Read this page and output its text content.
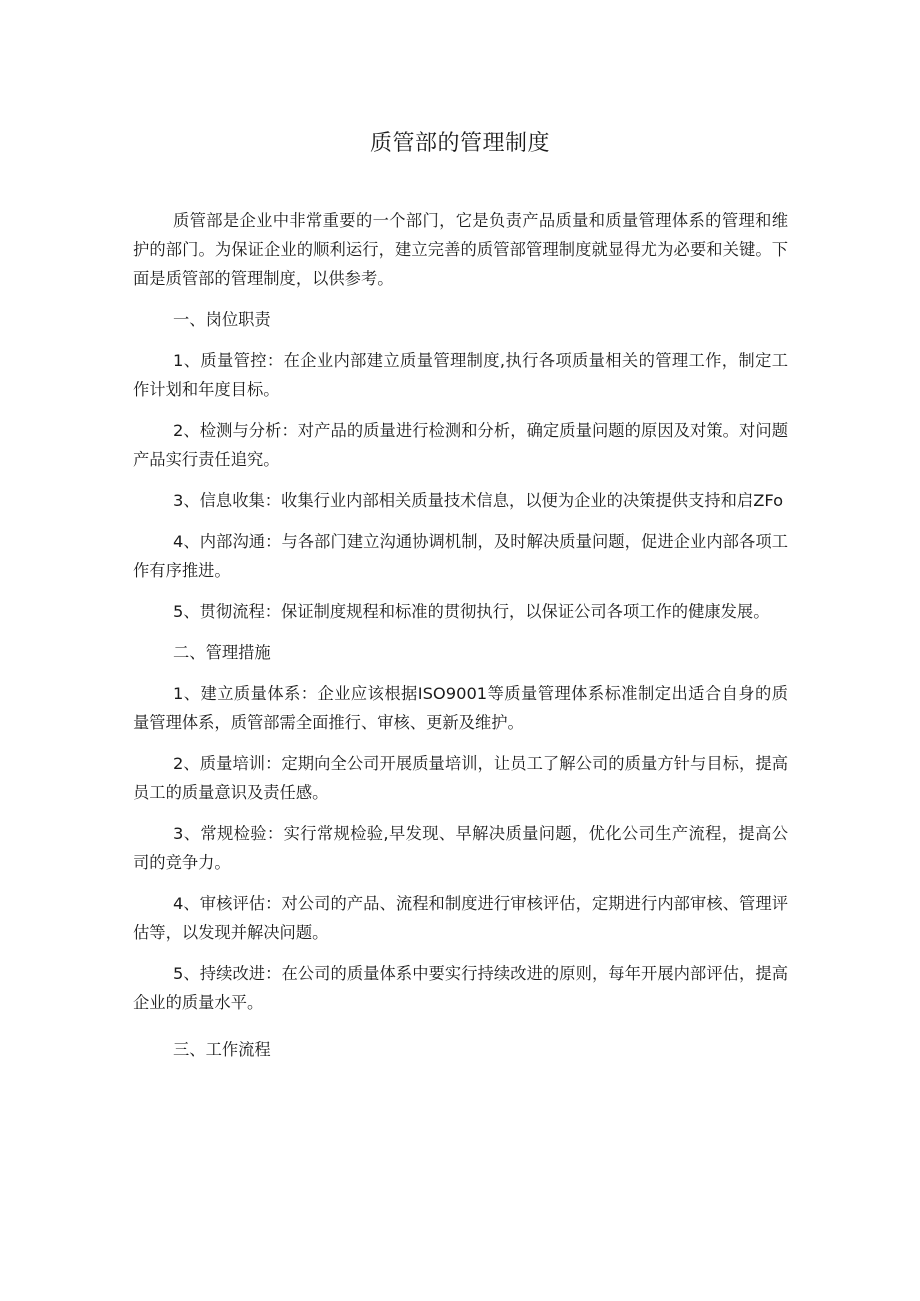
质管部的管理制度

质管部是企业中非常重要的一个部门，它是负责产品质量和质量管理体系的管理和维护的部门。为保证企业的顺利运行，建立完善的质管部管理制度就显得尤为必要和关键。下面是质管部的管理制度，以供参考。

一、岗位职责

1、质量管控：在企业内部建立质量管理制度,执行各项质量相关的管理工作，制定工作计划和年度目标。

2、检测与分析：对产品的质量进行检测和分析，确定质量问题的原因及对策。对问题产品实行责任追究。

3、信息收集：收集行业内部相关质量技术信息，以便为企业的决策提供支持和启ZFo

4、内部沟通：与各部门建立沟通协调机制，及时解决质量问题，促进企业内部各项工作有序推进。

5、贯彻流程：保证制度规程和标准的贯彻执行，以保证公司各项工作的健康发展。

二、管理措施

1、建立质量体系：企业应该根据ISO9001等质量管理体系标准制定出适合自身的质量管理体系，质管部需全面推行、审核、更新及维护。

2、质量培训：定期向全公司开展质量培训，让员工了解公司的质量方针与目标，提高员工的质量意识及责任感。

3、常规检验：实行常规检验,早发现、早解决质量问题，优化公司生产流程，提高公司的竞争力。

4、审核评估：对公司的产品、流程和制度进行审核评估，定期进行内部审核、管理评估等，以发现并解决问题。

5、持续改进：在公司的质量体系中要实行持续改进的原则，每年开展内部评估，提高企业的质量水平。

三、工作流程
